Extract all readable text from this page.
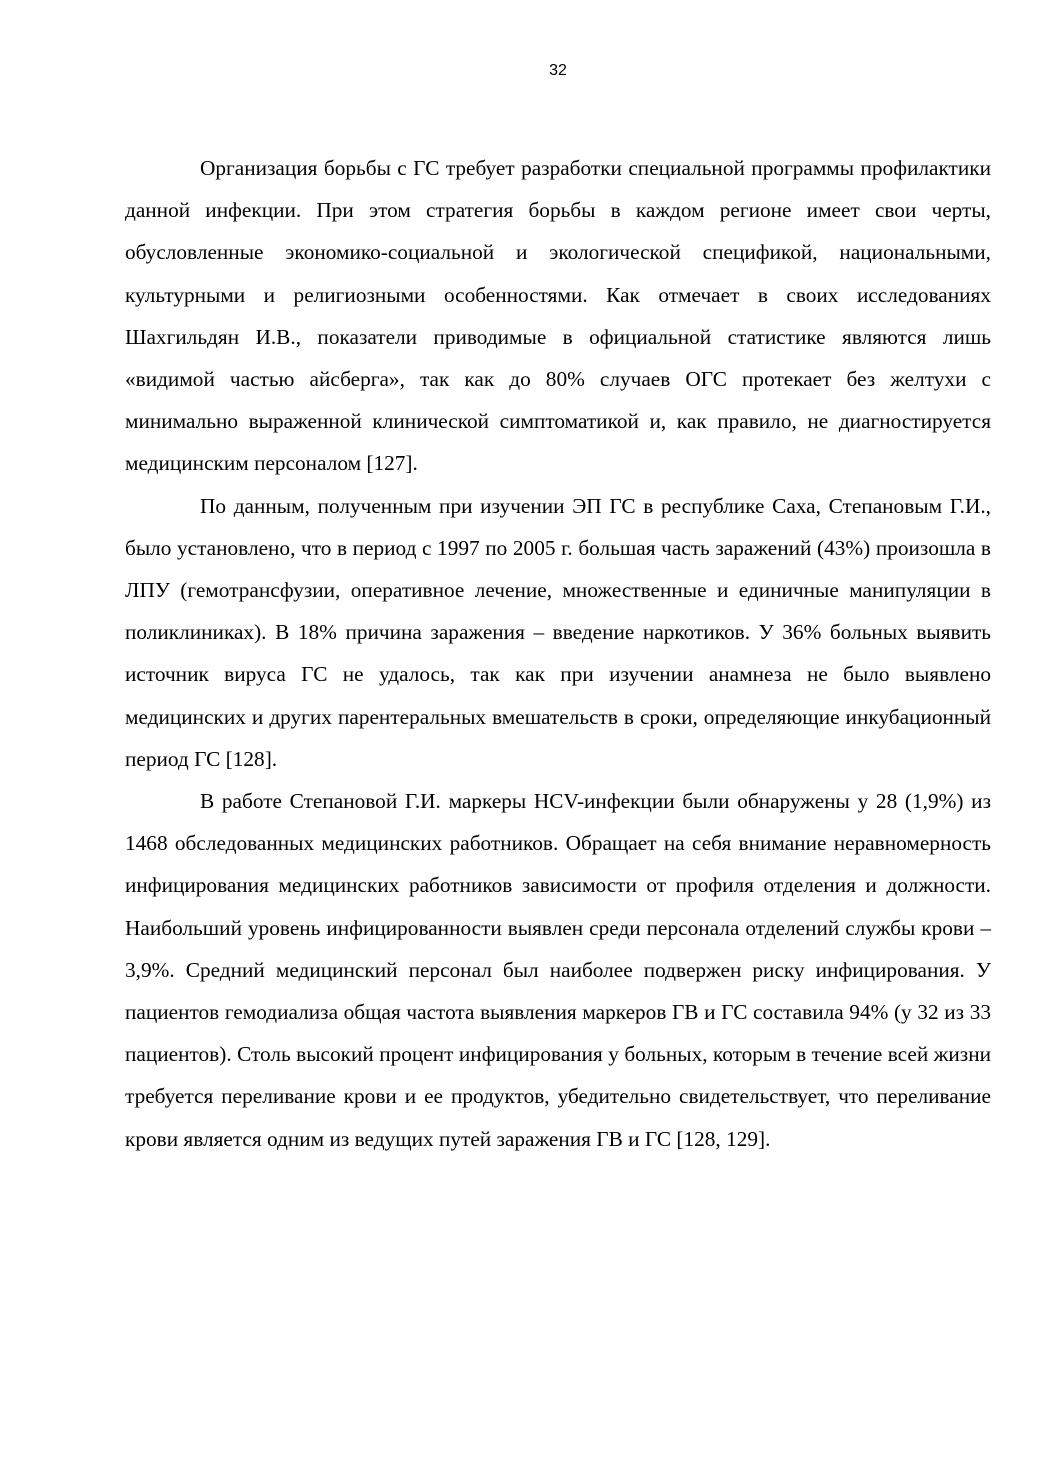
32

Организация борьбы с ГС требует разработки специальной программы профилактики данной инфекции. При этом стратегия борьбы в каждом регионе имеет свои черты, обусловленные экономико-социальной и экологической спецификой, национальными, культурными и религиозными особенностями. Как отмечает в своих исследованиях Шахгильдян И.В., показатели приводимые в официальной статистике являются лишь «видимой частью айсберга», так как до 80% случаев ОГС протекает без желтухи с минимально выраженной клинической симптоматикой и, как правило, не диагностируется медицинским персоналом [127].

По данным, полученным при изучении ЭП ГС в республике Саха, Степановым Г.И., было установлено, что в период с 1997 по 2005 г. большая часть заражений (43%) произошла в ЛПУ (гемотрансфузии, оперативное лечение, множественные и единичные манипуляции в поликлиниках). В 18% причина заражения – введение наркотиков. У 36% больных выявить источник вируса ГС не удалось, так как при изучении анамнеза не было выявлено медицинских и других парентеральных вмешательств в сроки, определяющие инкубационный период ГС [128].

В работе Степановой Г.И. маркеры HCV-инфекции были обнаружены у 28 (1,9%) из 1468 обследованных медицинских работников. Обращает на себя внимание неравномерность инфицирования медицинских работников зависимости от профиля отделения и должности. Наибольший уровень инфицированности выявлен среди персонала отделений службы крови – 3,9%. Средний медицинский персонал был наиболее подвержен риску инфицирования. У пациентов гемодиализа общая частота выявления маркеров ГВ и ГС составила 94% (у 32 из 33 пациентов). Столь высокий процент инфицирования у больных, которым в течение всей жизни требуется переливание крови и ее продуктов, убедительно свидетельствует, что переливание крови является одним из ведущих путей заражения ГВ и ГС [128, 129].
